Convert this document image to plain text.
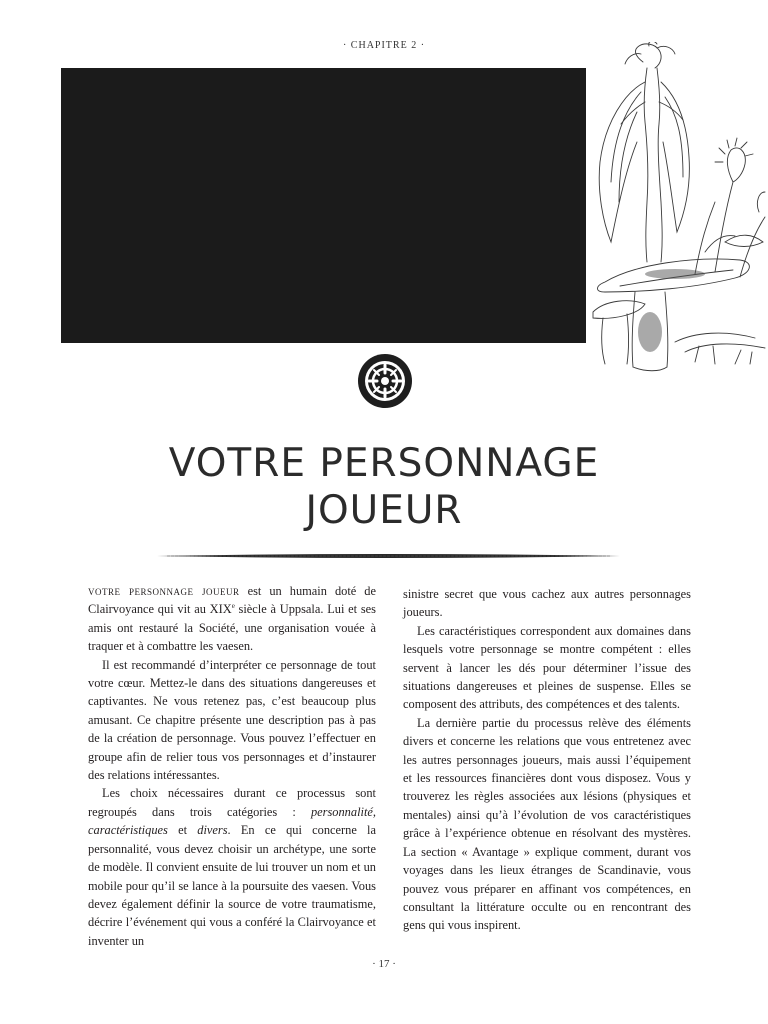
· CHAPITRE 2 ·
VOTRE PERSONNAGE
JOUEUR

votre personnage joueur est un humain doté de Clairvoyance qui vit au XIXe siècle à Uppsala. Lui et ses amis ont restauré la Société, une organisation vouée à traquer et à combattre les vaesen.

Il est recommandé d’interpréter ce personnage de tout votre cœur. Mettez-le dans des situations dangereuses et captivantes. Ne vous retenez pas, c’est beaucoup plus amusant. Ce chapitre présente une description pas à pas de la création de personnage. Vous pouvez l’effectuer en groupe afin de relier tous vos personnages et d’instaurer des relations intéressantes.

Les choix nécessaires durant ce processus sont regroupés dans trois catégories : personnalité, caractéristiques et divers. En ce qui concerne la personnalité, vous devez choisir un archétype, une sorte de modèle. Il convient ensuite de lui trouver un nom et un mobile pour qu’il se lance à la poursuite des vaesen. Vous devez également définir la source de votre traumatisme, décrire l’événement qui vous a conféré la Clairvoyance et inventer un

sinistre secret que vous cachez aux autres personnages joueurs.

Les caractéristiques correspondent aux domaines dans lesquels votre personnage se montre compétent : elles servent à lancer les dés pour déterminer l’issue des situations dangereuses et pleines de suspense. Elles se composent des attributs, des compétences et des talents.

La dernière partie du processus relève des éléments divers et concerne les relations que vous entretenez avec les autres personnages joueurs, mais aussi l’équipement et les ressources financières dont vous disposez. Vous y trouverez les règles associées aux lésions (physiques et mentales) ainsi qu’à l’évolution de vos caractéristiques grâce à l’expérience obtenue en résolvant des mystères. La section « Avantage » explique comment, durant vos voyages dans les lieux étranges de Scandinavie, vous pouvez vous préparer en affinant vos compétences, en consultant la littérature occulte ou en rencontrant des gens qui vous inspirent.

· 17 ·
